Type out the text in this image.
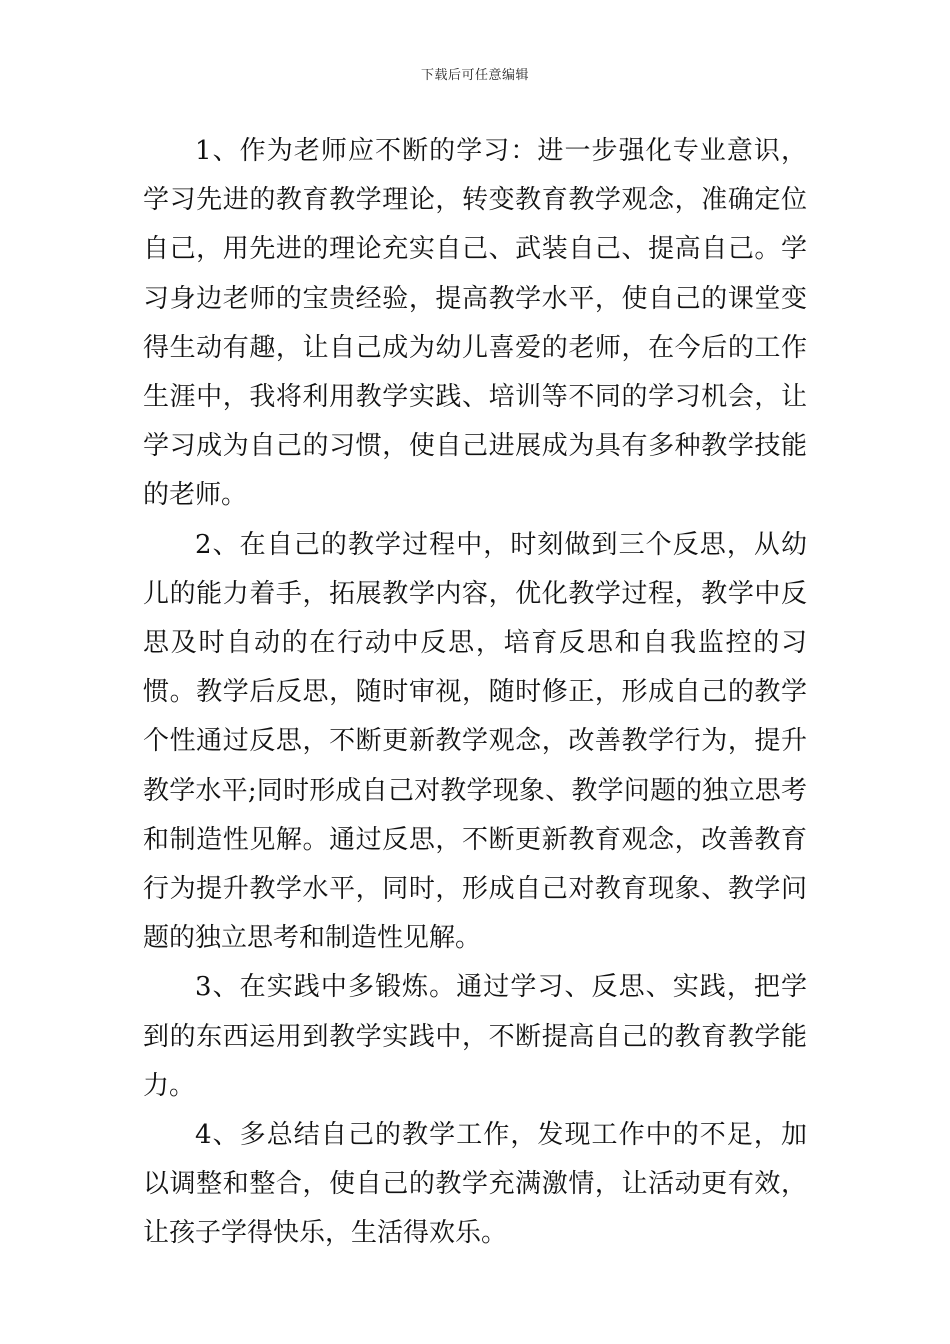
下载后可任意编辑

1、作为老师应不断的学习：进一步强化专业意识，学习先进的教育教学理论，转变教育教学观念，准确定位自己，用先进的理论充实自己、武装自己、提高自己。学习身边老师的宝贵经验，提高教学水平，使自己的课堂变得生动有趣，让自己成为幼儿喜爱的老师，在今后的工作生涯中，我将利用教学实践、培训等不同的学习机会，让学习成为自己的习惯，使自己进展成为具有多种教学技能的老师。

2、在自己的教学过程中，时刻做到三个反思，从幼儿的能力着手，拓展教学内容，优化教学过程，教学中反思及时自动的在行动中反思，培育反思和自我监控的习惯。教学后反思，随时审视，随时修正，形成自己的教学个性通过反思，不断更新教学观念，改善教学行为，提升教学水平;同时形成自己对教学现象、教学问题的独立思考和制造性见解。通过反思，不断更新教育观念，改善教育行为提升教学水平，同时，形成自己对教育现象、教学问题的独立思考和制造性见解。

3、在实践中多锻炼。通过学习、反思、实践，把学到的东西运用到教学实践中，不断提高自己的教育教学能力。

4、多总结自己的教学工作，发现工作中的不足，加以调整和整合，使自己的教学充满激情，让活动更有效，让孩子学得快乐，生活得欢乐。
